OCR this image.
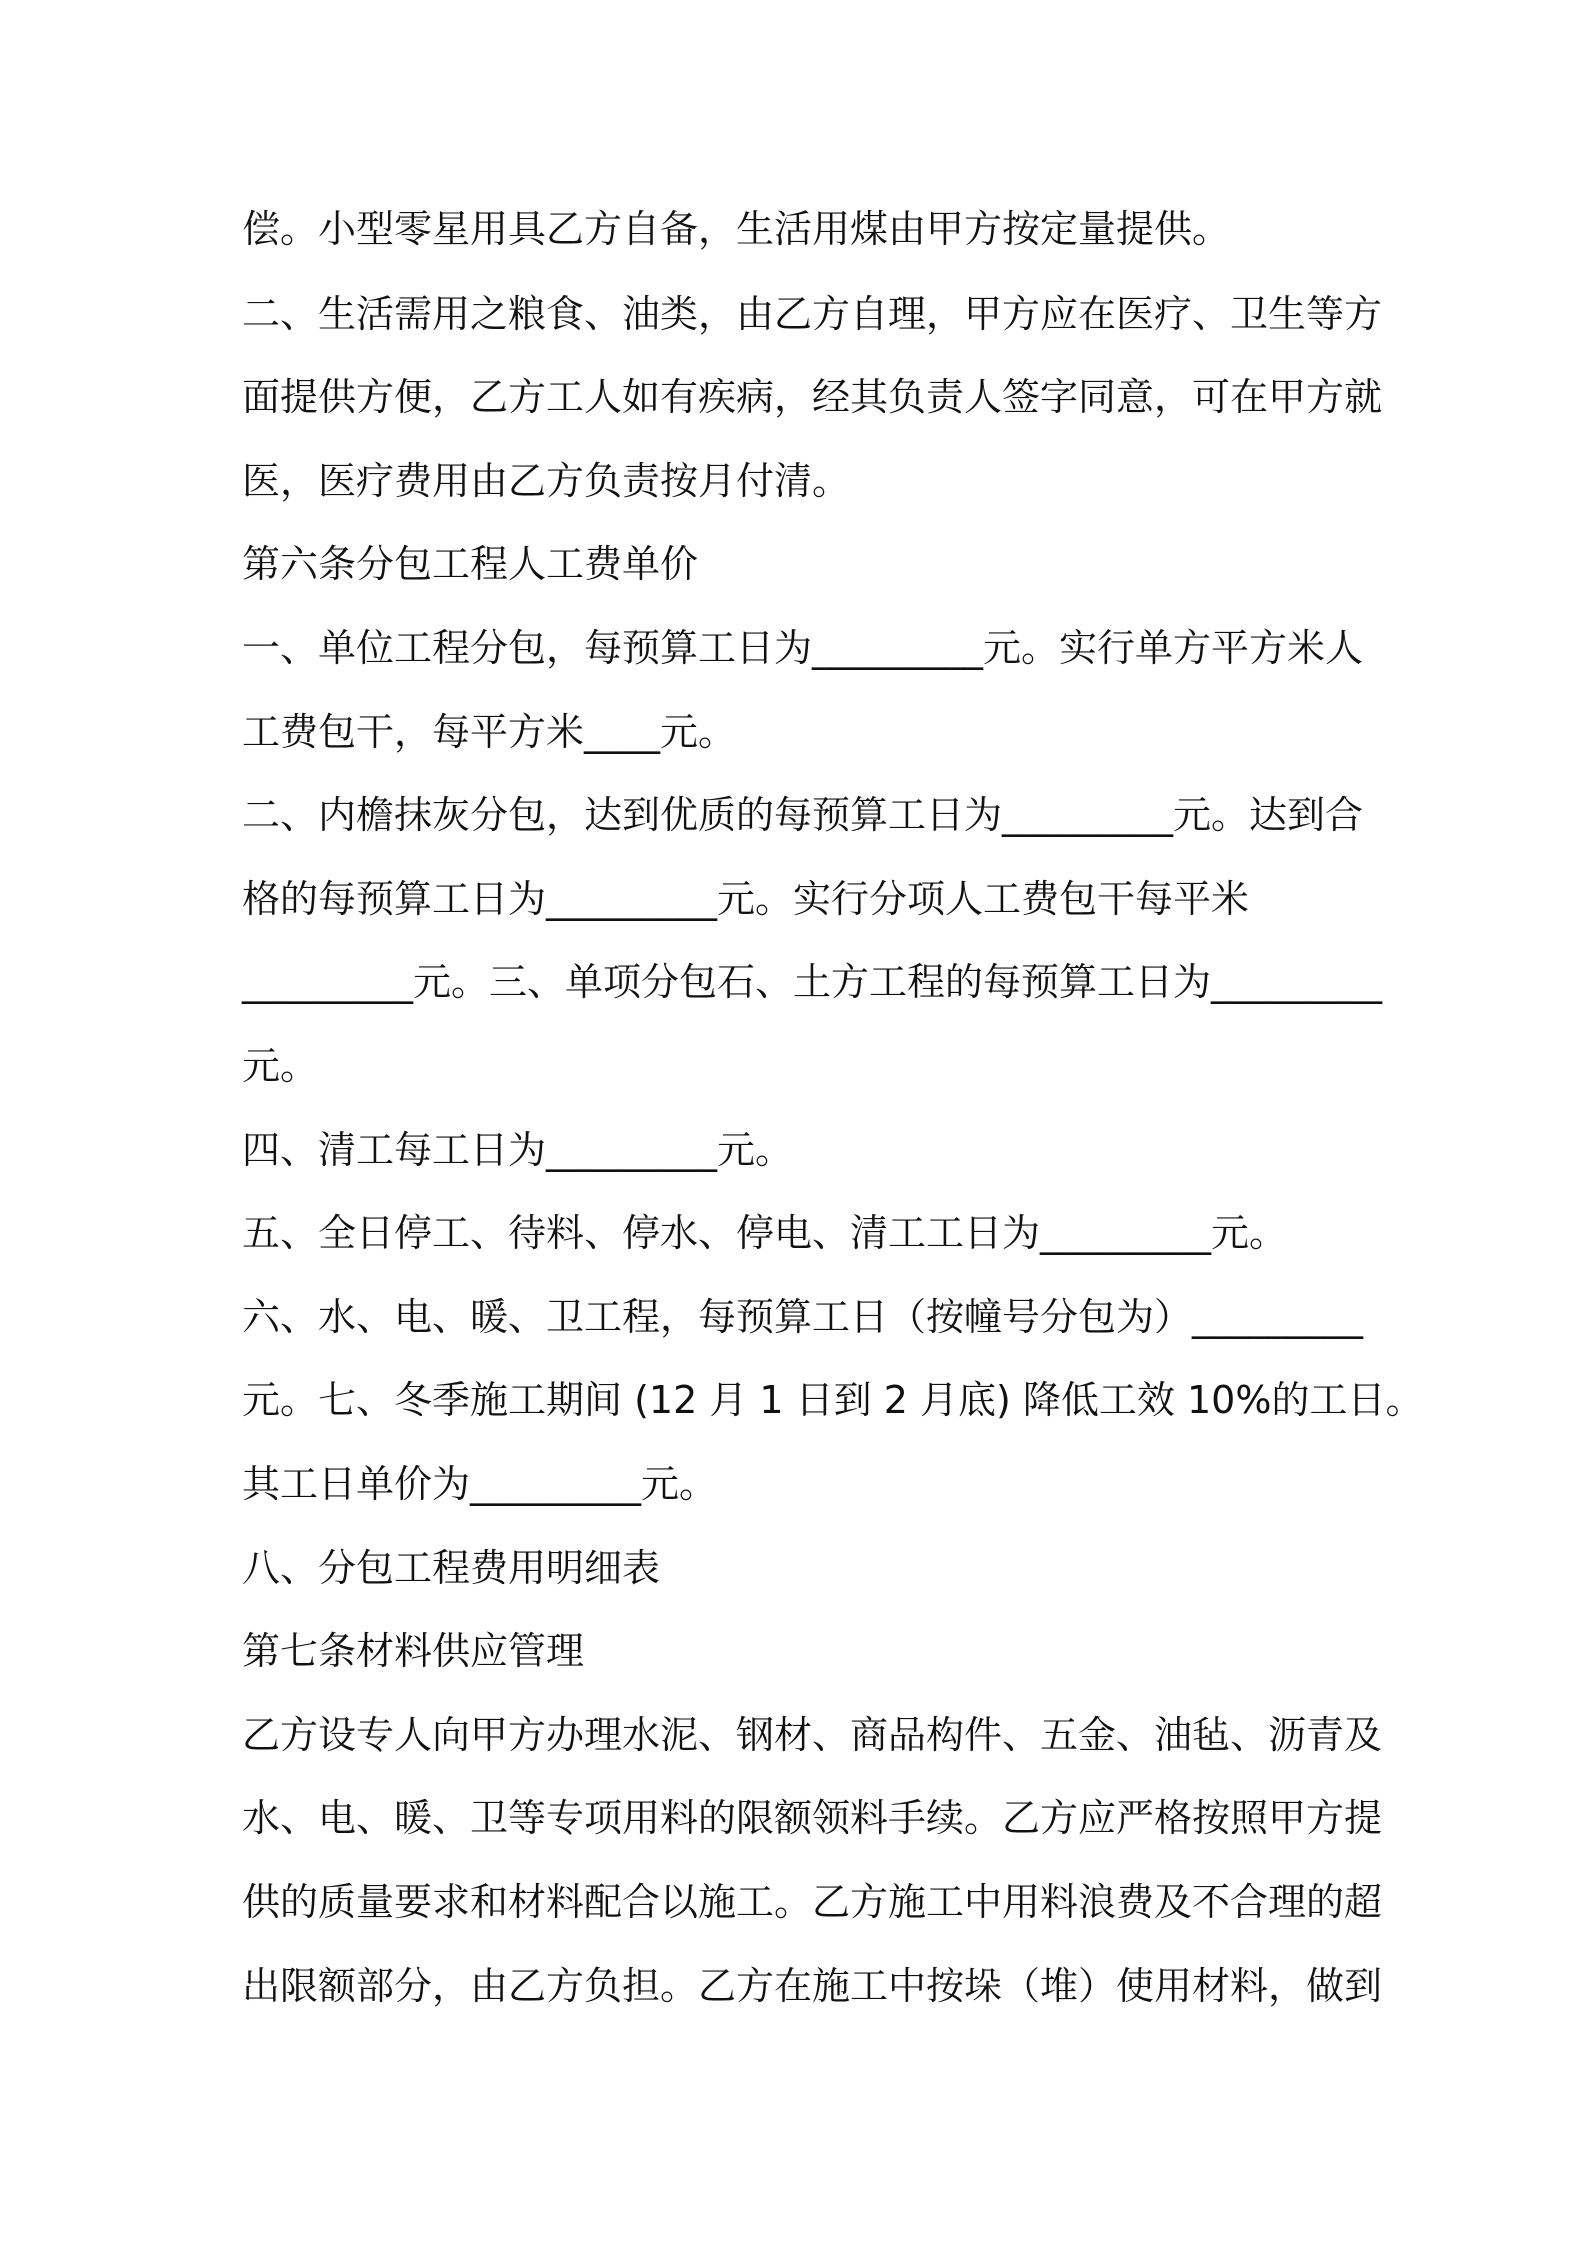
偿。小型零星用具乙方自备，生活用煤由甲方按定量提供。
二、生活需用之粮食、油类，由乙方自理，甲方应在医疗、卫生等方
面提供方便，乙方工人如有疾病，经其负责人签字同意，可在甲方就
医，医疗费用由乙方负责按月付清。
第六条分包工程人工费单价
一、单位工程分包，每预算工日为_________元。实行单方平方米人
工费包干，每平方米____元。
二、内檐抹灰分包，达到优质的每预算工日为_________元。达到合
格的每预算工日为_________元。实行分项人工费包干每平米
_________元。三、单项分包石、土方工程的每预算工日为_________
元。
四、清工每工日为_________元。
五、全日停工、待料、停水、停电、清工工日为_________元。
六、水、电、暖、卫工程，每预算工日（按幢号分包为）_________
元。七、冬季施工期间 (12 月 1 日到 2 月底) 降低工效 10%的工日。
其工日单价为_________元。
八、分包工程费用明细表
第七条材料供应管理
乙方设专人向甲方办理水泥、钢材、商品构件、五金、油毡、沥青及
水、电、暖、卫等专项用料的限额领料手续。乙方应严格按照甲方提
供的质量要求和材料配合以施工。乙方施工中用料浪费及不合理的超
出限额部分，由乙方负担。乙方在施工中按垛（堆）使用材料，做到
